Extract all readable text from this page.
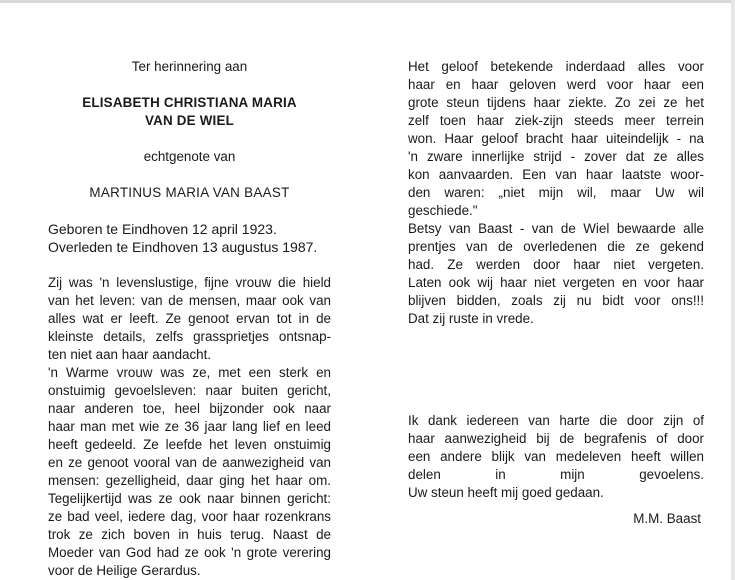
Ter herinnering aan
ELISABETH CHRISTIANA MARIA
VAN DE WIEL
echtgenote van
MARTINUS MARIA VAN BAAST
Geboren te Eindhoven 12 april 1923.
Overleden te Eindhoven 13 augustus 1987.
Zij was 'n levenslustige, fijne vrouw die hield
van het leven: van de mensen, maar ook van
alles wat er leeft. Ze genoot ervan tot in de
kleinste details, zelfs grassprietjes ontsnap-
ten niet aan haar aandacht.
'n Warme vrouw was ze, met een sterk en
onstuimig gevoelsleven: naar buiten gericht,
naar anderen toe, heel bijzonder ook naar
haar man met wie ze 36 jaar lang lief en leed
heeft gedeeld. Ze leefde het leven onstuimig
en ze genoot vooral van de aanwezigheid van
mensen: gezelligheid, daar ging het haar om.
Tegelijkertijd was ze ook naar binnen gericht:
ze bad veel, iedere dag, voor haar rozenkrans
trok ze zich boven in huis terug. Naast de
Moeder van God had ze ook 'n grote verering
voor de Heilige Gerardus.
Het geloof betekende inderdaad alles voor
haar en haar geloven werd voor haar een
grote steun tijdens haar ziekte. Zo zei ze het
zelf toen haar ziek-zijn steeds meer terrein
won. Haar geloof bracht haar uiteindelijk - na
'n zware innerlijke strijd - zover dat ze alles
kon aanvaarden. Een van haar laatste woor-
den waren: „niet mijn wil, maar Uw wil
geschiede."
Betsy van Baast - van de Wiel bewaarde alle
prentjes van de overledenen die ze gekend
had. Ze werden door haar niet vergeten.
Laten ook wij haar niet vergeten en voor haar
blijven bidden, zoals zij nu bidt voor ons!!!
Dat zij ruste in vrede.
Ik dank iedereen van harte die door zijn of
haar aanwezigheid bij de begrafenis of door
een andere blijk van medeleven heeft willen
delen in mijn gevoelens.
Uw steun heeft mij goed gedaan.
M.M. Baast
